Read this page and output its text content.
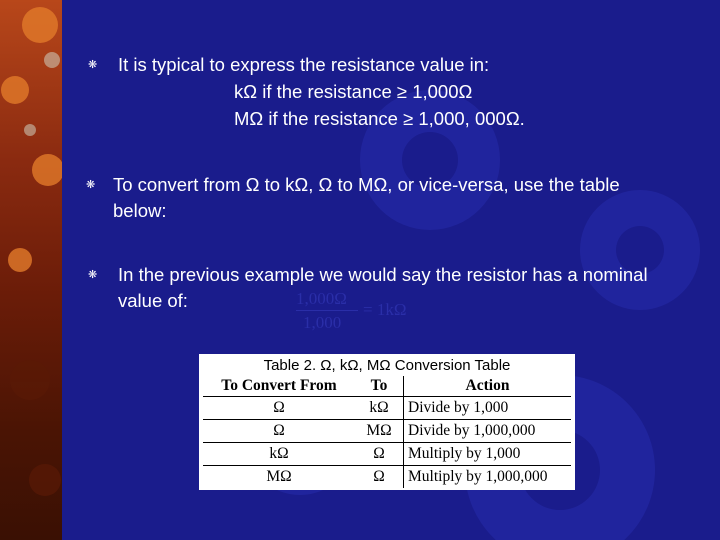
❋ It is typical to express the resistance value in:
kΩ if the resistance ≥ 1,000Ω
MΩ if the resistance ≥ 1,000, 000Ω.
❋ To convert from Ω to kΩ, Ω to MΩ, or vice-versa, use the table
below:
❋ In the previous example we would say the resistor has a nominal
value of:	1,000Ω
1,000
= 1kΩ
Table 2. Ω, kΩ, MΩ Conversion Table
To Convert From	To	Action
Ω	kΩ	Divide by 1,000
Ω	MΩ	Divide by 1,000,000
kΩ	Ω	Multiply by 1,000
MΩ	Ω	Multiply by 1,000,000
